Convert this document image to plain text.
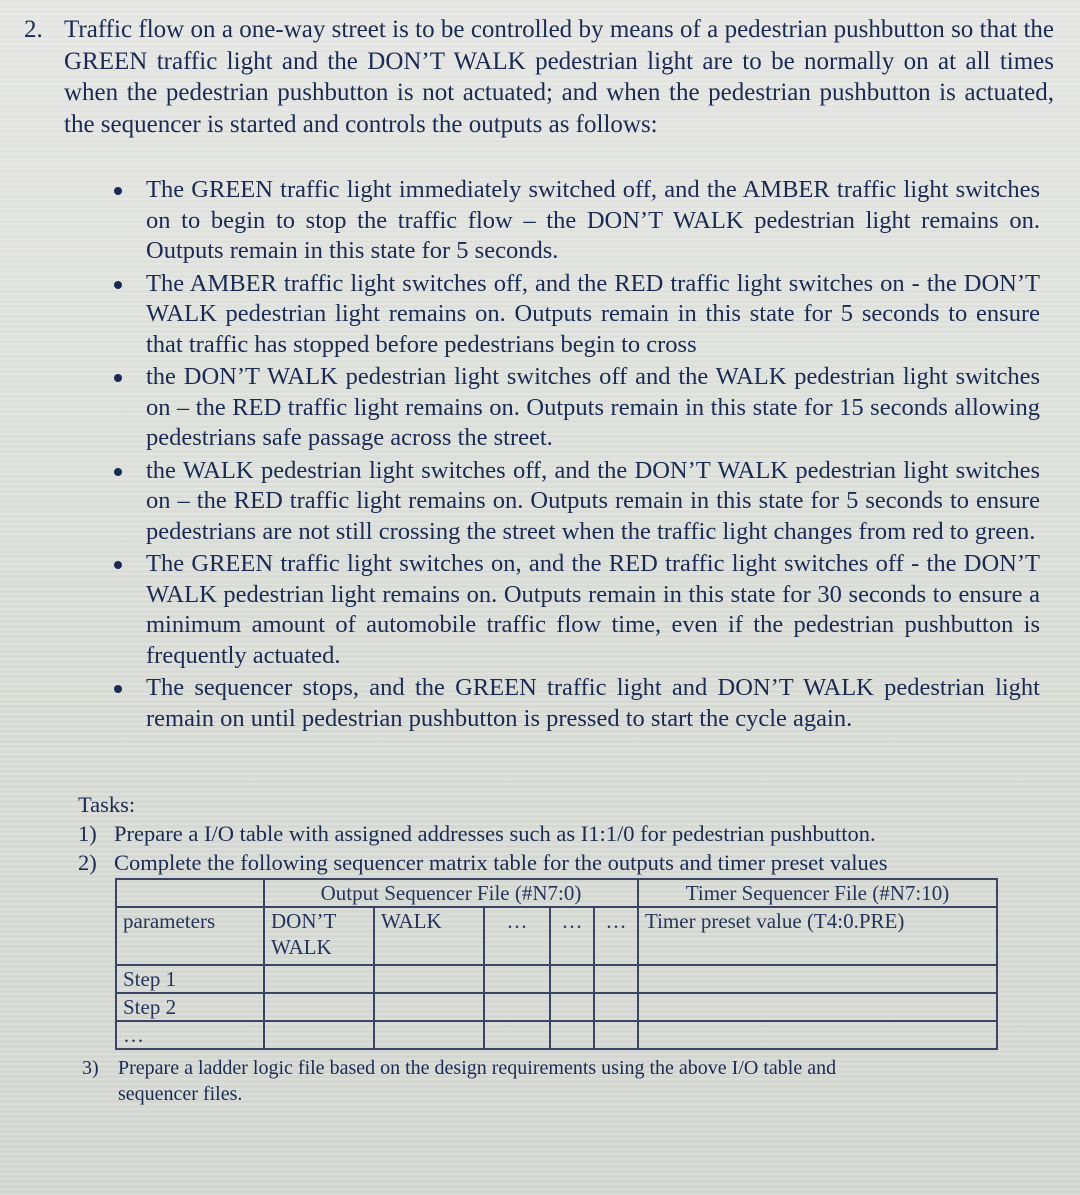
2. Traffic flow on a one-way street is to be controlled by means of a pedestrian pushbutton so that the GREEN traffic light and the DON’T WALK pedestrian light are to be normally on at all times when the pedestrian pushbutton is not actuated; and when the pedestrian pushbutton is actuated, the sequencer is started and controls the outputs as follows:
The GREEN traffic light immediately switched off, and the AMBER traffic light switches on to begin to stop the traffic flow – the DON’T WALK pedestrian light remains on. Outputs remain in this state for 5 seconds.
The AMBER traffic light switches off, and the RED traffic light switches on - the DON’T WALK pedestrian light remains on. Outputs remain in this state for 5 seconds to ensure that traffic has stopped before pedestrians begin to cross
the DON’T WALK pedestrian light switches off and the WALK pedestrian light switches on – the RED traffic light remains on. Outputs remain in this state for 15 seconds allowing pedestrians safe passage across the street.
the WALK pedestrian light switches off, and the DON’T WALK pedestrian light switches on – the RED traffic light remains on. Outputs remain in this state for 5 seconds to ensure pedestrians are not still crossing the street when the traffic light changes from red to green.
The GREEN traffic light switches on, and the RED traffic light switches off - the DON’T WALK pedestrian light remains on. Outputs remain in this state for 30 seconds to ensure a minimum amount of automobile traffic flow time, even if the pedestrian pushbutton is frequently actuated.
The sequencer stops, and the GREEN traffic light and DON’T WALK pedestrian light remain on until pedestrian pushbutton is pressed to start the cycle again.
Tasks:
1) Prepare a I/O table with assigned addresses such as I1:1/0 for pedestrian pushbutton.
2) Complete the following sequencer matrix table for the outputs and timer preset values
	Output Sequencer File (#N7:0)					Timer Sequencer File (#N7:10)
parameters	DON’T WALK	WALK	…	…	…	Timer preset value (T4:0.PRE)
Step 1						
Step 2						
…						
3) Prepare a ladder logic file based on the design requirements using the above I/O table and
sequencer files.
